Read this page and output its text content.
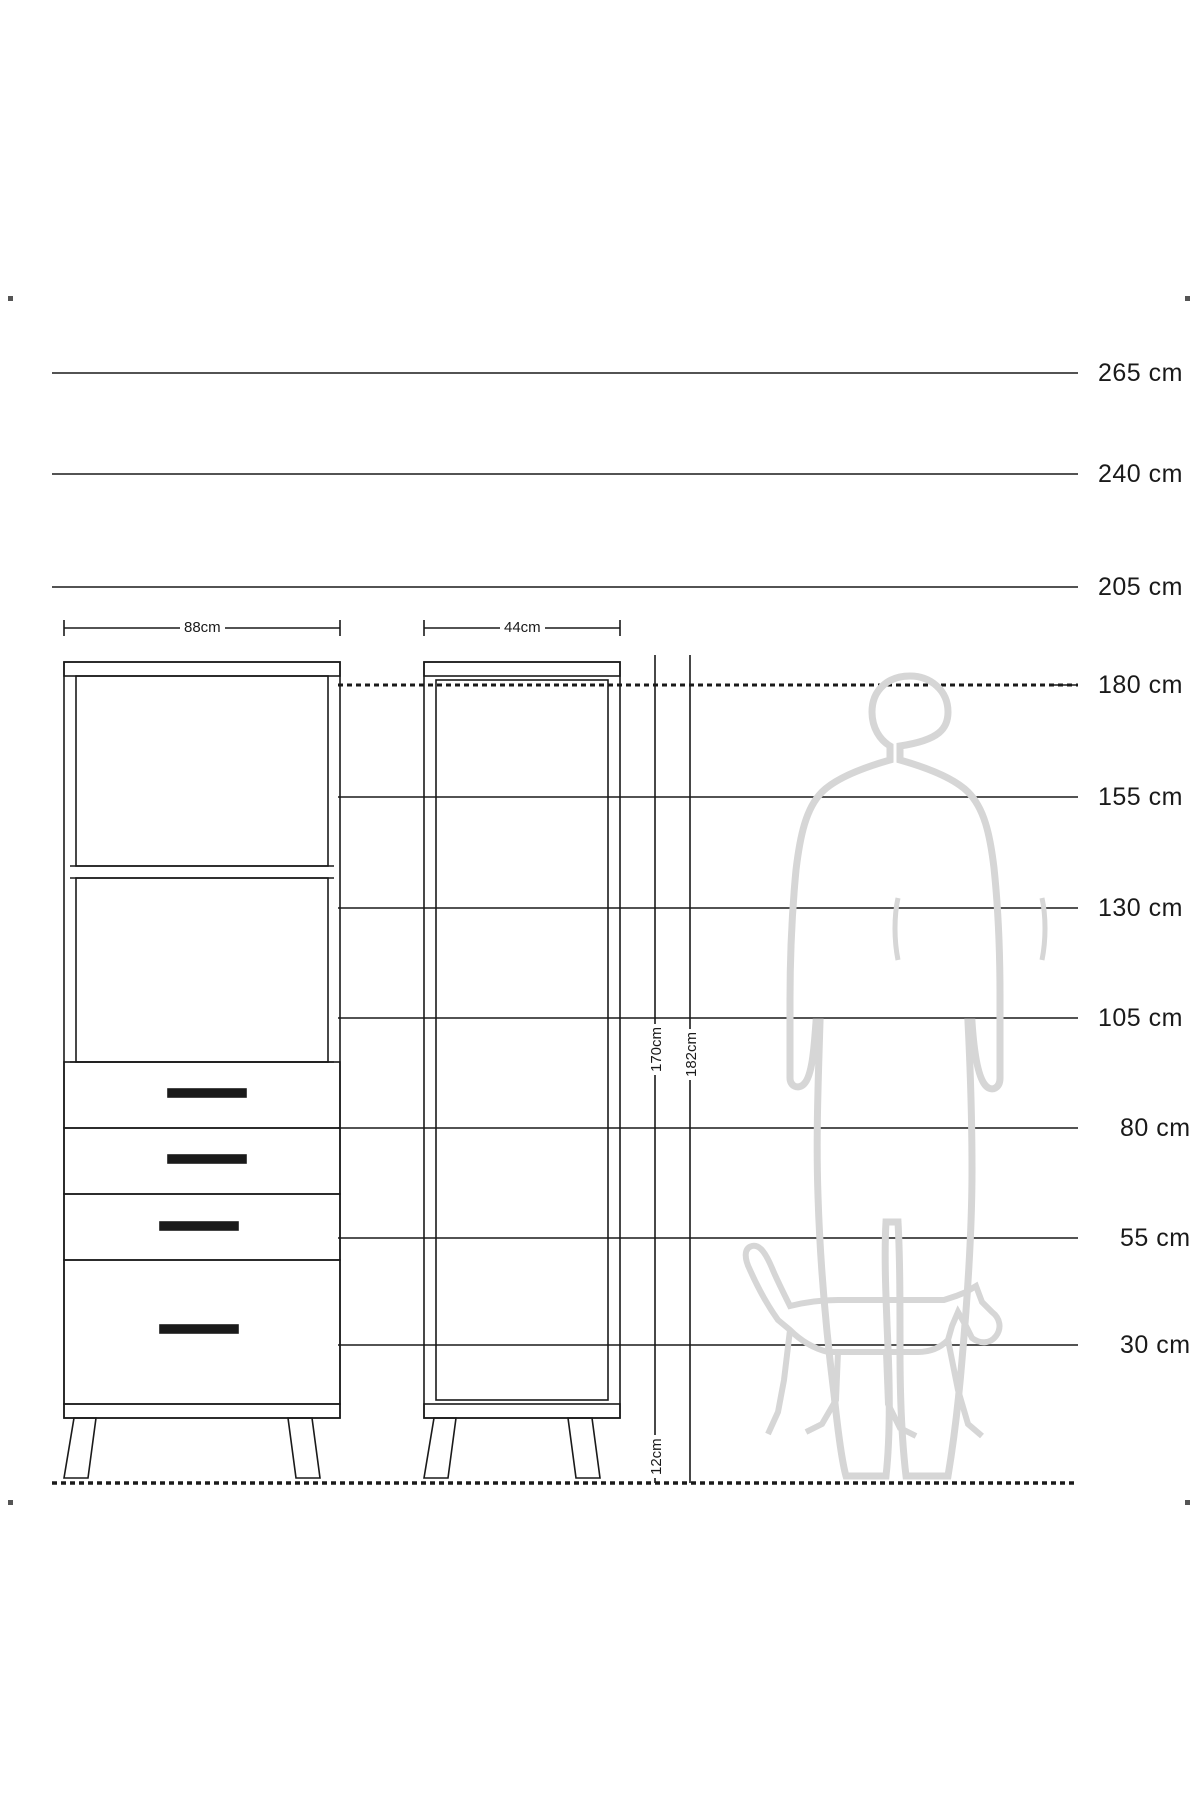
265 cm
240 cm
205 cm
180 cm
155 cm
130 cm
105 cm
80 cm
55 cm
30 cm
88cm	44cm
170cm 182cm
12cm
